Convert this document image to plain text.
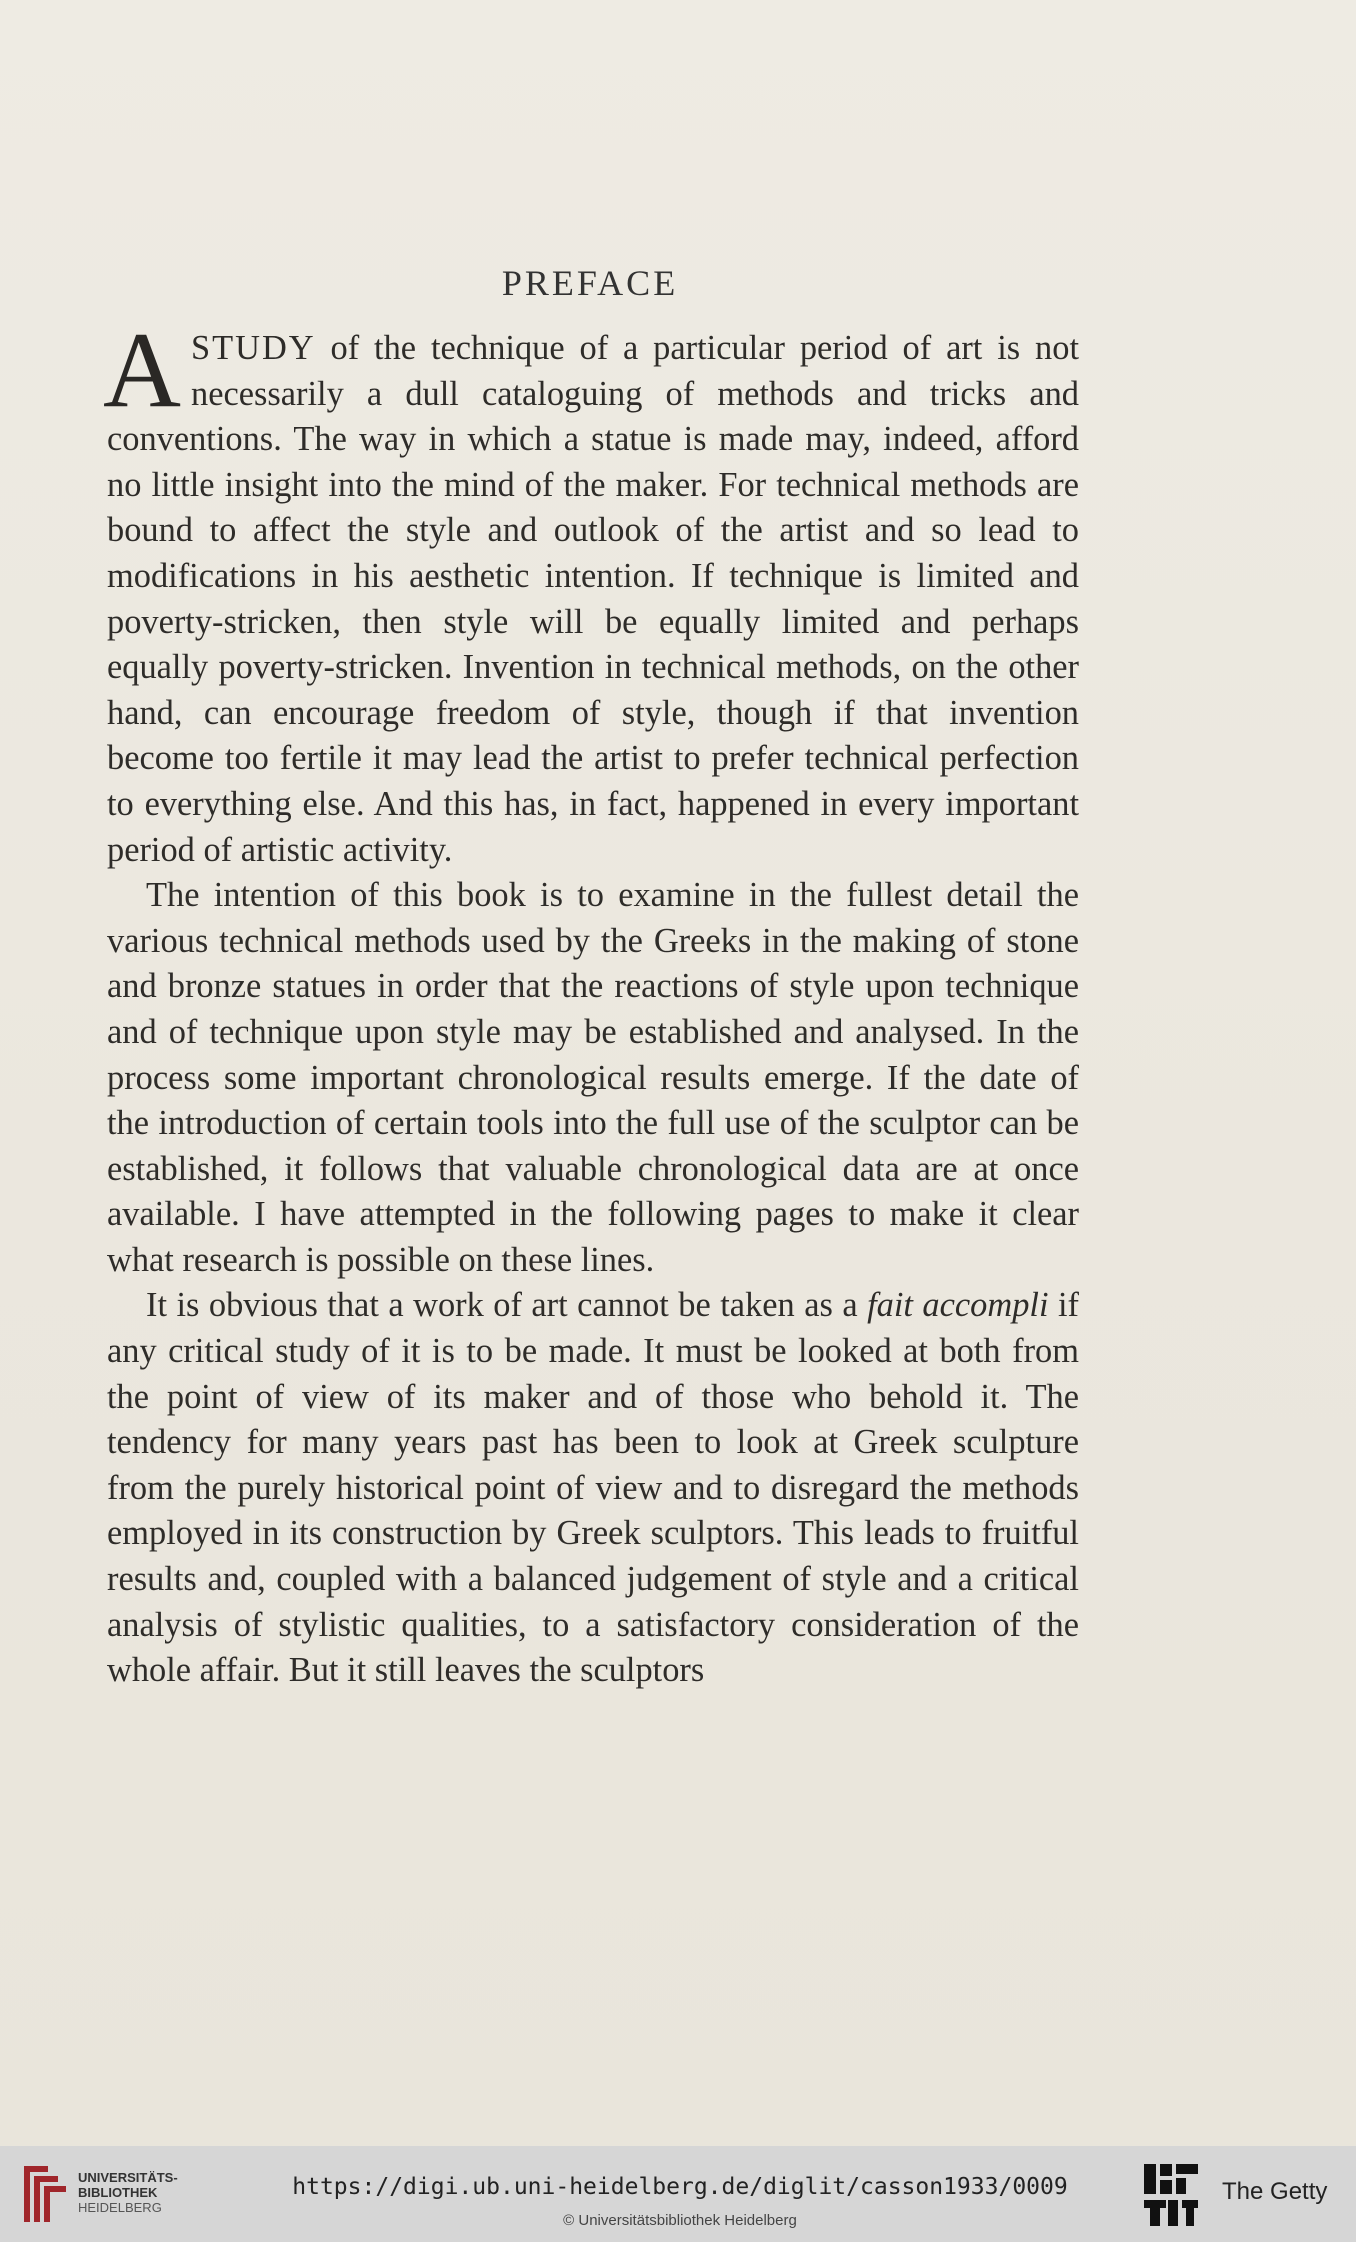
PREFACE

ASTUDY of the technique of a particular period of art is not necessarily a dull cataloguing of methods and tricks and conventions. The way in which a statue is made may, indeed, afford no little insight into the mind of the maker. For technical methods are bound to affect the style and outlook of the artist and so lead to modifications in his aesthetic intention. If technique is limited and poverty-stricken, then style will be equally limited and perhaps equally poverty-stricken. Invention in technical methods, on the other hand, can encourage freedom of style, though if that invention become too fertile it may lead the artist to prefer technical perfection to everything else. And this has, in fact, happened in every important period of artistic activity.

The intention of this book is to examine in the fullest detail the various technical methods used by the Greeks in the making of stone and bronze statues in order that the reactions of style upon technique and of technique upon style may be established and analysed. In the process some important chronological results emerge. If the date of the introduction of certain tools into the full use of the sculptor can be established, it follows that valuable chronological data are at once available. I have attempted in the following pages to make it clear what research is possible on these lines.

It is obvious that a work of art cannot be taken as a fait accompli if any critical study of it is to be made. It must be looked at both from the point of view of its maker and of those who behold it. The tendency for many years past has been to look at Greek sculpture from the purely historical point of view and to disregard the methods employed in its construction by Greek sculptors. This leads to fruitful results and, coupled with a balanced judgement of style and a critical analysis of stylistic qualities, to a satisfactory consideration of the whole affair. But it still leaves the sculptors

UNIVERSITÄTS-
BIBLIOTHEK
HEIDELBERG
https://digi.ub.uni-heidelberg.de/diglit/casson1933/0009
© Universitätsbibliothek Heidelberg
The Getty
